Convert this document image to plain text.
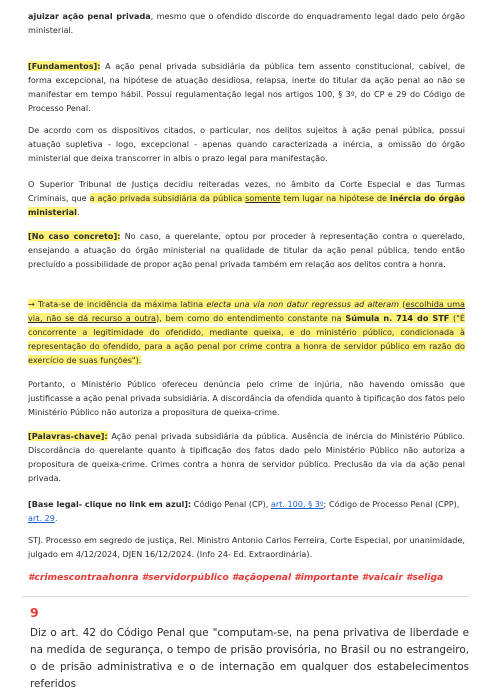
ajuizar ação penal privada, mesmo que o ofendido discorde do enquadramento legal dado pelo órgão ministerial.

[Fundamentos]: A ação penal privada subsidiária da pública tem assento constitucional, cabível, de forma excepcional, na hipótese de atuação desidiosa, relapsa, inerte do titular da ação penal ao não se manifestar em tempo hábil. Possui regulamentação legal nos artigos 100, § 3º, do CP e 29 do Código de Processo Penal.

De acordo com os dispositivos citados, o particular, nos delitos sujeitos à ação penal pública, possui atuação supletiva - logo, excepcional - apenas quando caracterizada a inércia, a omissão do órgão ministerial que deixa transcorrer in albis o prazo legal para manifestação.

O Superior Tribunal de Justiça decidiu reiteradas vezes, no âmbito da Corte Especial e das Turmas Criminais, que a ação privada subsidiária da pública somente tem lugar na hipótese de inércia do órgão ministerial.

[No caso concreto]: No caso, a querelante, optou por proceder à representação contra o querelado, ensejando a atuação do órgão ministerial na qualidade de titular da ação penal pública, tendo então precluído a possibilidade de propor ação penal privada também em relação aos delitos contra a honra.

→ Trata-se de incidência da máxima latina electa una via non datur regressus ad alteram (escolhida uma via, não se dá recurso a outra), bem como do entendimento constante na Súmula n. 714 do STF ("É concorrente a legitimidade do ofendido, mediante queixa, e do ministério público, condicionada à representação do ofendido, para a ação penal por crime contra a honra de servidor público em razão do exercício de suas funções").

Portanto, o Ministério Público ofereceu denúncia pelo crime de injúria, não havendo omissão que justificasse a ação penal privada subsidiária. A discordância da ofendida quanto à tipificação dos fatos pelo Ministério Público não autoriza a propositura de queixa-crime.

[Palavras-chave]: Ação penal privada subsidiária da pública. Ausência de inércia do Ministério Público. Discordância do querelante quanto à tipificação dos fatos dado pelo Ministério Público não autoriza a propositura de queixa-crime. Crimes contra a honra de servidor público. Preclusão da via da ação penal privada.

[Base legal- clique no link em azul]: Código Penal (CP), art. 100, § 3º; Código de Processo Penal (CPP), art. 29.

STJ. Processo em segredo de justiça, Rel. Ministro Antonio Carlos Ferreira, Corte Especial, por unanimidade, julgado em 4/12/2024, DJEN 16/12/2024. (Info 24- Ed. Extraordinária).

#crimescontraahonra #servidorpúblico #açãopenal #importante #vaicair #seliga
9
Diz o art. 42 do Código Penal que "computam-se, na pena privativa de liberdade e na medida de segurança, o tempo de prisão provisória, no Brasil ou no estrangeiro, o de prisão administrativa e o de internação em qualquer dos estabelecimentos referidos
